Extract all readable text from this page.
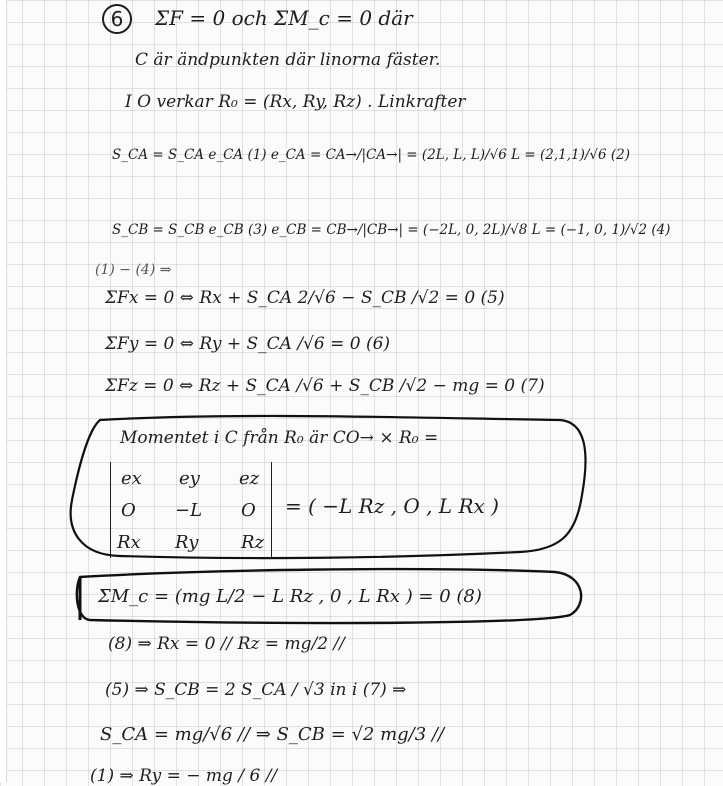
6 ΣF = 0 och ΣM_c = 0 där
C är ändpunkten där linorna fäster.
I O verkar R₀ = (Rx, Ry, Rz) . Linkrafter
S_CA = S_CA e_CA (1) e_CA = CA→/|CA→| = (2L, L, L)/√6 L = (2,1,1)/√6 (2)
S_CB = S_CB e_CB (3) e_CB = CB→/|CB→| = (−2L, 0, 2L)/√8 L = (−1, 0, 1)/√2 (4)
(1) − (4) ⇒
ΣFx = 0 ⇔ Rx + S_CA 2/√6 − S_CB /√2 = 0 (5)
ΣFy = 0 ⇔ Ry + S_CA /√6 = 0 (6)
ΣFz = 0 ⇔ Rz + S_CA /√6 + S_CB /√2 − mg = 0 (7)
Momentet i C från R₀ är CO→ × R₀ =
ex ey ez
O −L O
Rx Ry Rz
= ( −L Rz , O , L Rx )
ΣM_c = (mg L/2 − L Rz , 0 , L Rx ) = 0 (8)
(8) ⇒ Rx = 0 // Rz = mg/2 //
(5) ⇒ S_CB = 2 S_CA / √3 in i (7) ⇒
S_CA = mg/√6 // ⇒ S_CB = √2 mg/3 //
(1) ⇒ Ry = − mg / 6 //
